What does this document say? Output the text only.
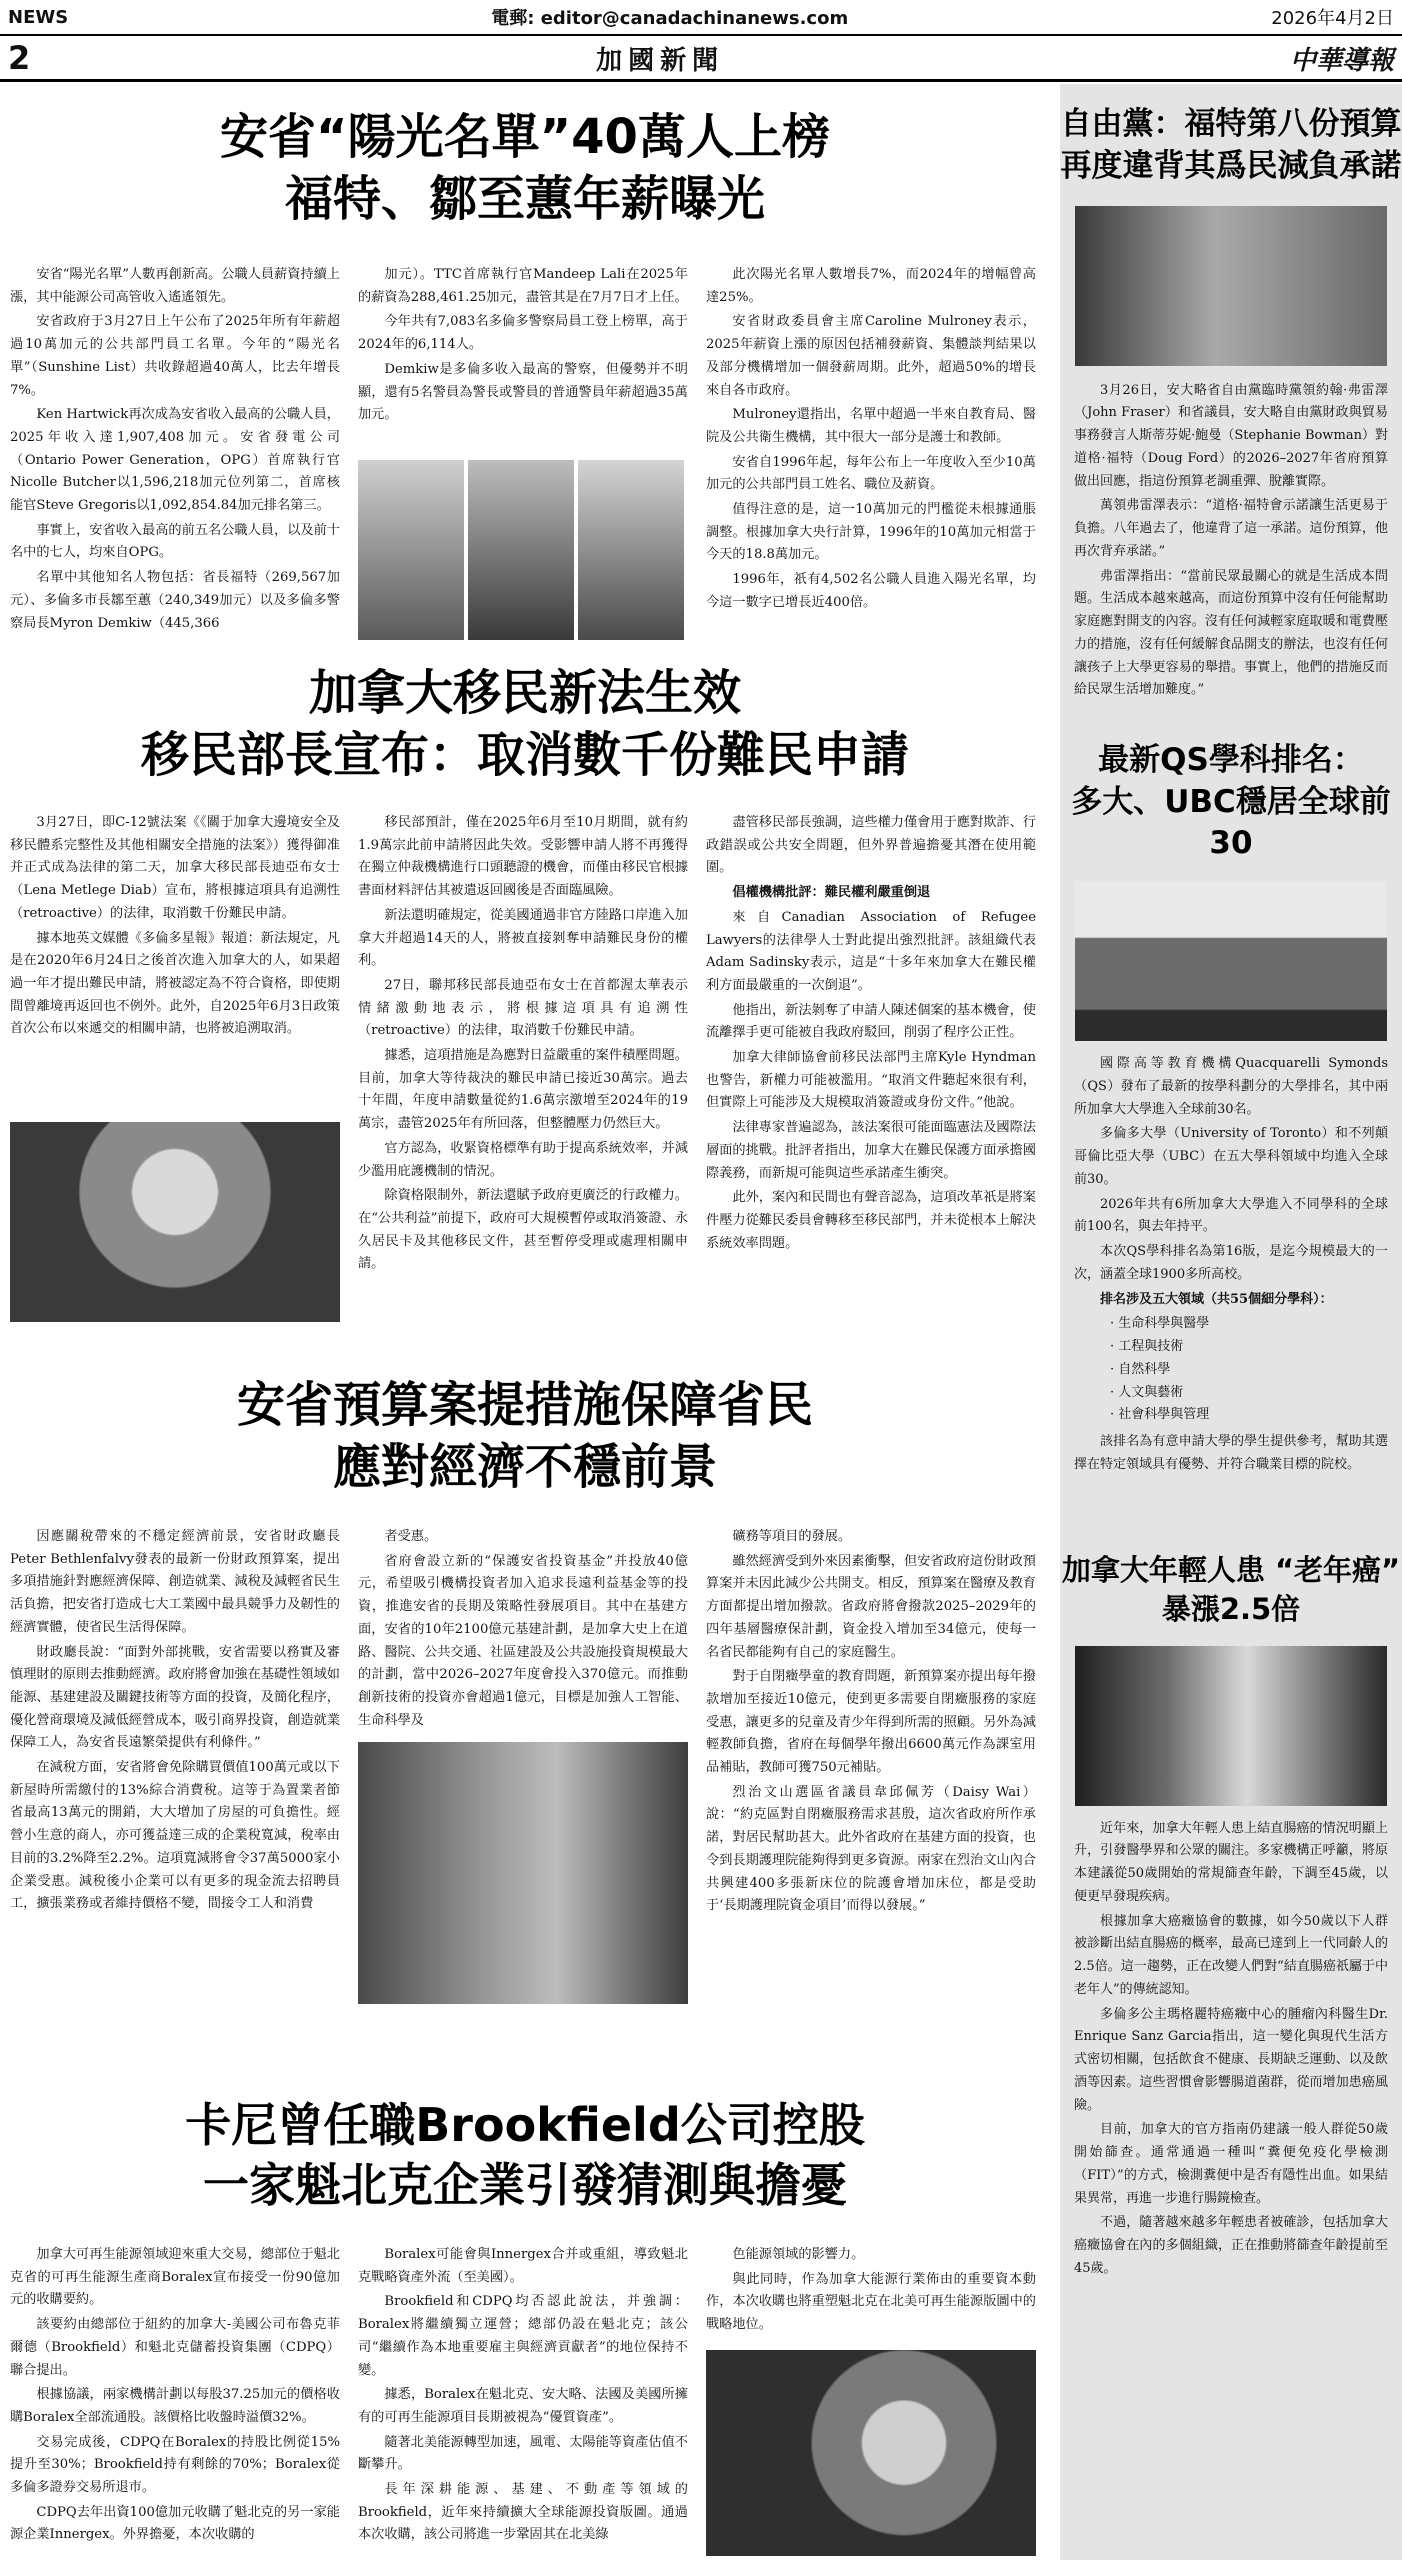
NEWS	電郵: editor@canadachinanews.com	2026年4月2日
2	加國新聞	中華導報
安省“陽光名單”40萬人上榜
福特、鄒至蕙年薪曝光

安省“陽光名單”人數再創新高。公職人員薪資持續上漲，其中能源公司高管收入遙遙領先。

安省政府于3月27日上午公布了2025年所有年薪超過10萬加元的公共部門員工名單。今年的“陽光名單”（Sunshine List）共收錄超過40萬人，比去年增長7%。

Ken Hartwick再次成為安省收入最高的公職人員，2025年收入達1,907,408加元。安省發電公司（Ontario Power Generation，OPG）首席執行官Nicolle Butcher以1,596,218加元位列第二，首席核能官Steve Gregoris以1,092,854.84加元排名第三。

事實上，安省收入最高的前五名公職人員，以及前十名中的七人，均來自OPG。

名單中其他知名人物包括：省長福特（269,567加元）、多倫多市長鄒至蕙（240,349加元）以及多倫多警察局長Myron Demkiw（445,366

加元）。TTC首席執行官Mandeep Lali在2025年的薪資為288,461.25加元，盡管其是在7月7日才上任。

今年共有7,083名多倫多警察局員工登上榜單，高于2024年的6,114人。

Demkiw是多倫多收入最高的警察，但優勢并不明顯，還有5名警員為警長或警員的普通警員年薪超過35萬加元。

此次陽光名單人數增長7%，而2024年的增幅曾高達25%。

安省財政委員會主席Caroline Mulroney表示，2025年薪資上漲的原因包括補發薪資、集體談判結果以及部分機構增加一個發薪周期。此外，超過50%的增長來自各市政府。

Mulroney還指出，名單中超過一半來自教育局、醫院及公共衛生機構，其中很大一部分是護士和教師。

安省自1996年起，每年公布上一年度收入至少10萬加元的公共部門員工姓名、職位及薪資。

值得注意的是，這一10萬加元的門檻從未根據通脹調整。根據加拿大央行計算，1996年的10萬加元相當于今天的18.8萬加元。

1996年，祇有4,502名公職人員進入陽光名單，均今這一數字已增長近400倍。

加拿大移民新法生效
移民部長宣布：取消數千份難民申請

3月27日，即C-12號法案《《關于加拿大邊境安全及移民體系完整性及其他相關安全措施的法案》）獲得御准并正式成為法律的第二天，加拿大移民部長迪亞布女士（Lena Metlege Diab）宣布，將根據這項具有追溯性（retroactive）的法律，取消數千份難民申請。

據本地英文媒體《多倫多星報》報道：新法規定，凡是在2020年6月24日之後首次進入加拿大的人，如果超過一年才提出難民申請，將被認定為不符合資格，即使期間曾離境再返回也不例外。此外，自2025年6月3日政策首次公布以來遞交的相關申請，也將被追溯取消。

移民部預計，僅在2025年6月至10月期間，就有約1.9萬宗此前申請將因此失效。受影響申請人將不再獲得在獨立仲裁機構進行口頭聽證的機會，而僅由移民官根據書面材料評估其被遣返回國後是否面臨風險。

新法還明確規定，從美國通過非官方陸路口岸進入加拿大并超過14天的人，將被直接剝奪申請難民身份的權利。

27日，聯邦移民部長迪亞布女士在首都渥太華表示情緒激動地表示，將根據這項具有追溯性（retroactive）的法律，取消數千份難民申請。

據悉，這項措施是為應對日益嚴重的案件積壓問題。目前，加拿大等待裁決的難民申請已接近30萬宗。過去十年間，年度申請數量從約1.6萬宗激增至2024年的19萬宗，盡管2025年有所回落，但整體壓力仍然巨大。

官方認為，收緊資格標準有助于提高系統效率，并減少濫用庇護機制的情況。

除資格限制外，新法還賦予政府更廣泛的行政權力。在“公共利益”前提下，政府可大規模暫停或取消簽證、永久居民卡及其他移民文件，甚至暫停受理或處理相關申請。

盡管移民部長強調，這些權力僅會用于應對欺詐、行政錯誤或公共安全問題，但外界普遍擔憂其潛在使用範圍。

倡權機構批評：難民權利嚴重倒退

來自Canadian Association of Refugee Lawyers的法律學人士對此提出強烈批評。該組織代表Adam Sadinsky表示，這是“十多年來加拿大在難民權利方面最嚴重的一次倒退”。

他指出，新法剝奪了申請人陳述個案的基本機會，使流離擇手更可能被自我政府駁回，削弱了程序公正性。

加拿大律師協會前移民法部門主席Kyle Hyndman也警告，新權力可能被濫用。“取消文件聽起來很有利，但實際上可能涉及大規模取消簽證或身份文件。”他說。

法律專家普遍認為，該法案很可能面臨憲法及國際法層面的挑戰。批評者指出，加拿大在難民保護方面承擔國際義務，而新規可能與這些承諾產生衝突。

此外，案內和民間也有聲音認為，這項改革祇是將案件壓力從難民委員會轉移至移民部門，并未從根本上解決系統效率問題。

安省預算案提措施保障省民
應對經濟不穩前景

因應關稅帶來的不穩定經濟前景，安省財政廳長Peter Bethlenfalvy發表的最新一份財政預算案，提出多項措施針對應經濟保障、創造就業、減稅及減輕省民生活負擔，把安省打造成七大工業國中最具競爭力及韌性的經濟實體，使省民生活得保障。

財政廳長說：“面對外部挑戰，安省需要以務實及審慎理財的原則去推動經濟。政府將會加強在基礎性領域如能源、基建建設及關鍵技術等方面的投資，及簡化程序，優化營商環境及減低經營成本，吸引商界投資，創造就業保障工人，為安省長遠繁榮提供有利條件。”

在減稅方面，安省將會免除購買價值100萬元或以下新屋時所需繳付的13%綜合消費稅。這等于為置業者節省最高13萬元的開銷，大大增加了房屋的可負擔性。經營小生意的商人，亦可獲益達三成的企業稅寬減，稅率由目前的3.2%降至2.2%。這項寬減將會令37萬5000家小企業受惠。減稅後小企業可以有更多的現金流去招聘員工，擴張業務或者維持價格不變，間接令工人和消費

者受惠。

省府會設立新的“保護安省投資基金”并投放40億元，希望吸引機構投資者加入追求長遠利益基金等的投資，推進安省的長期及策略性發展項目。其中在基建方面，安省的10年2100億元基建計劃，是加拿大史上在道路、醫院、公共交通、社區建設及公共設施投資規模最大的計劃，當中2026–2027年度會投入370億元。而推動創新技術的投資亦會超過1億元，目標是加強人工智能、生命科學及

礦務等項目的發展。

雖然經濟受到外來因素衝擊，但安省政府這份財政預算案并未因此減少公共開支。相反，預算案在醫療及教育方面都提出增加撥款。省政府將會撥款2025–2029年的四年基層醫療保計劃，資金投入增加至34億元，使每一名省民都能夠有自己的家庭醫生。

對于自閉癥學童的教育問題，新預算案亦提出每年撥款增加至接近10億元，使到更多需要自閉癥服務的家庭受惠，讓更多的兒童及青少年得到所需的照顧。另外為減輕教師負擔，省府在每個學年撥出6600萬元作為課室用品補貼，教師可獲750元補貼。

烈治文山選區省議員韋邱佩芳（Daisy Wai）說：“約克區對自閉癥服務需求甚殷，這次省政府所作承諾，對居民幫助甚大。此外省政府在基建方面的投資，也令到長期護理院能夠得到更多資源。兩家在烈治文山內合共興建400多張新床位的院護會增加床位，都是受助于‘長期護理院資金項目’而得以發展。”

卡尼曾任職Brookfield公司控股
一家魁北克企業引發猜測與擔憂

加拿大可再生能源領域迎來重大交易，總部位于魁北克省的可再生能源生產商Boralex宣布接受一份90億加元的收購要約。

該要約由總部位于紐約的加拿大-美國公司布魯克菲爾德（Brookfield）和魁北克儲蓄投資集團（CDPQ）聯合提出。

根據協議，兩家機構計劃以每股37.25加元的價格收購Boralex全部流通股。該價格比收盤時溢價32%。

交易完成後，CDPQ在Boralex的持股比例從15%提升至30%；Brookfield持有剩餘的70%；Boralex從多倫多證券交易所退市。

CDPQ去年出資100億加元收購了魁北克的另一家能源企業Innergex。外界擔憂，本次收購的

Boralex可能會與Innergex合并或重組，導致魁北克戰略資產外流（至美國）。

Brookfield和CDPQ均否認此說法，并強調：Boralex將繼續獨立運營；總部仍設在魁北克；該公司“繼續作為本地重要雇主與經濟貢獻者”的地位保持不變。

據悉，Boralex在魁北克、安大略、法國及美國所擁有的可再生能源項目長期被視為“優質資產”。

隨著北美能源轉型加速，風電、太陽能等資產估值不斷攀升。

長年深耕能源、基建、不動產等領域的Brookfield，近年來持續擴大全球能源投資版圖。通過本次收購，該公司將進一步鞏固其在北美綠

色能源領域的影響力。

與此同時，作為加拿大能源行業佈由的重要資本動作，本次收購也將重塑魁北克在北美可再生能源版圖中的戰略地位。

自由黨：福特第八份預算
再度違背其爲民減負承諾

3月26日，安大略省自由黨臨時黨領約翰·弗雷澤（John Fraser）和省議員，安大略自由黨財政與貿易事務發言人斯蒂芬妮·鮑曼（Stephanie Bowman）對道格·福特（Doug Ford）的2026–2027年省府預算做出回應，指這份預算老調重彈、脫離實際。

萬領弗雷澤表示：“道格·福特會示諾讓生活更易于負擔。八年過去了，他違背了這一承諾。這份預算，他再次背弃承諾。”

弗雷澤指出：“當前民眾最關心的就是生活成本問題。生活成本越來越高，而這份預算中沒有任何能幫助家庭應對開支的內容。沒有任何減輕家庭取暖和電費壓力的措施，沒有任何緩解食品開支的辦法，也沒有任何讓孩子上大學更容易的舉措。事實上，他們的措施反而給民眾生活增加難度。”

最新QS學科排名：
多大、UBC穩居全球前30

國際高等教育機構Quacquarelli Symonds（QS）發布了最新的按學科劃分的大學排名，其中兩所加拿大大學進入全球前30名。

多倫多大學（University of Toronto）和不列顛哥倫比亞大學（UBC）在五大學科領域中均進入全球前30。

2026年共有6所加拿大大學進入不同學科的全球前100名，與去年持平。

本次QS學科排名為第16版，是迄今規模最大的一次，涵蓋全球1900多所高校。

排名涉及五大領域（共55個細分學科）：
· 生命科學與醫學
· 工程與技術
· 自然科學
· 人文與藝術
· 社會科學與管理

該排名為有意申請大學的學生提供參考，幫助其選擇在特定領域具有優勢、并符合職業目標的院校。

加拿大年輕人患 “老年癌”
暴漲2.5倍

近年來，加拿大年輕人患上結直腸癌的情況明顯上升，引發醫學界和公眾的關注。多家機構正呼籲，將原本建議從50歲開始的常規篩查年齡，下調至45歲，以便更早發現疾病。

根據加拿大癌癥協會的數據，如今50歲以下人群被診斷出結直腸癌的概率，最高已達到上一代同齡人的2.5倍。這一趨勢，正在改變人們對“結直腸癌祇屬于中老年人”的傳統認知。

多倫多公主瑪格麗特癌癥中心的腫瘤內科醫生Dr. Enrique Sanz Garcia指出，這一變化與現代生活方式密切相關，包括飲食不健康、長期缺乏運動、以及飲酒等因素。這些習慣會影響腸道菌群，從而增加患癌風險。

目前，加拿大的官方指南仍建議一般人群從50歲開始篩查。通常通過一種叫“糞便免疫化學檢測（FIT）”的方式，檢測糞便中是否有隱性出血。如果結果異常，再進一步進行腸鏡檢查。

不過，隨著越來越多年輕患者被確診，包括加拿大癌癥協會在內的多個組織，正在推動將篩查年齡提前至45歲。
